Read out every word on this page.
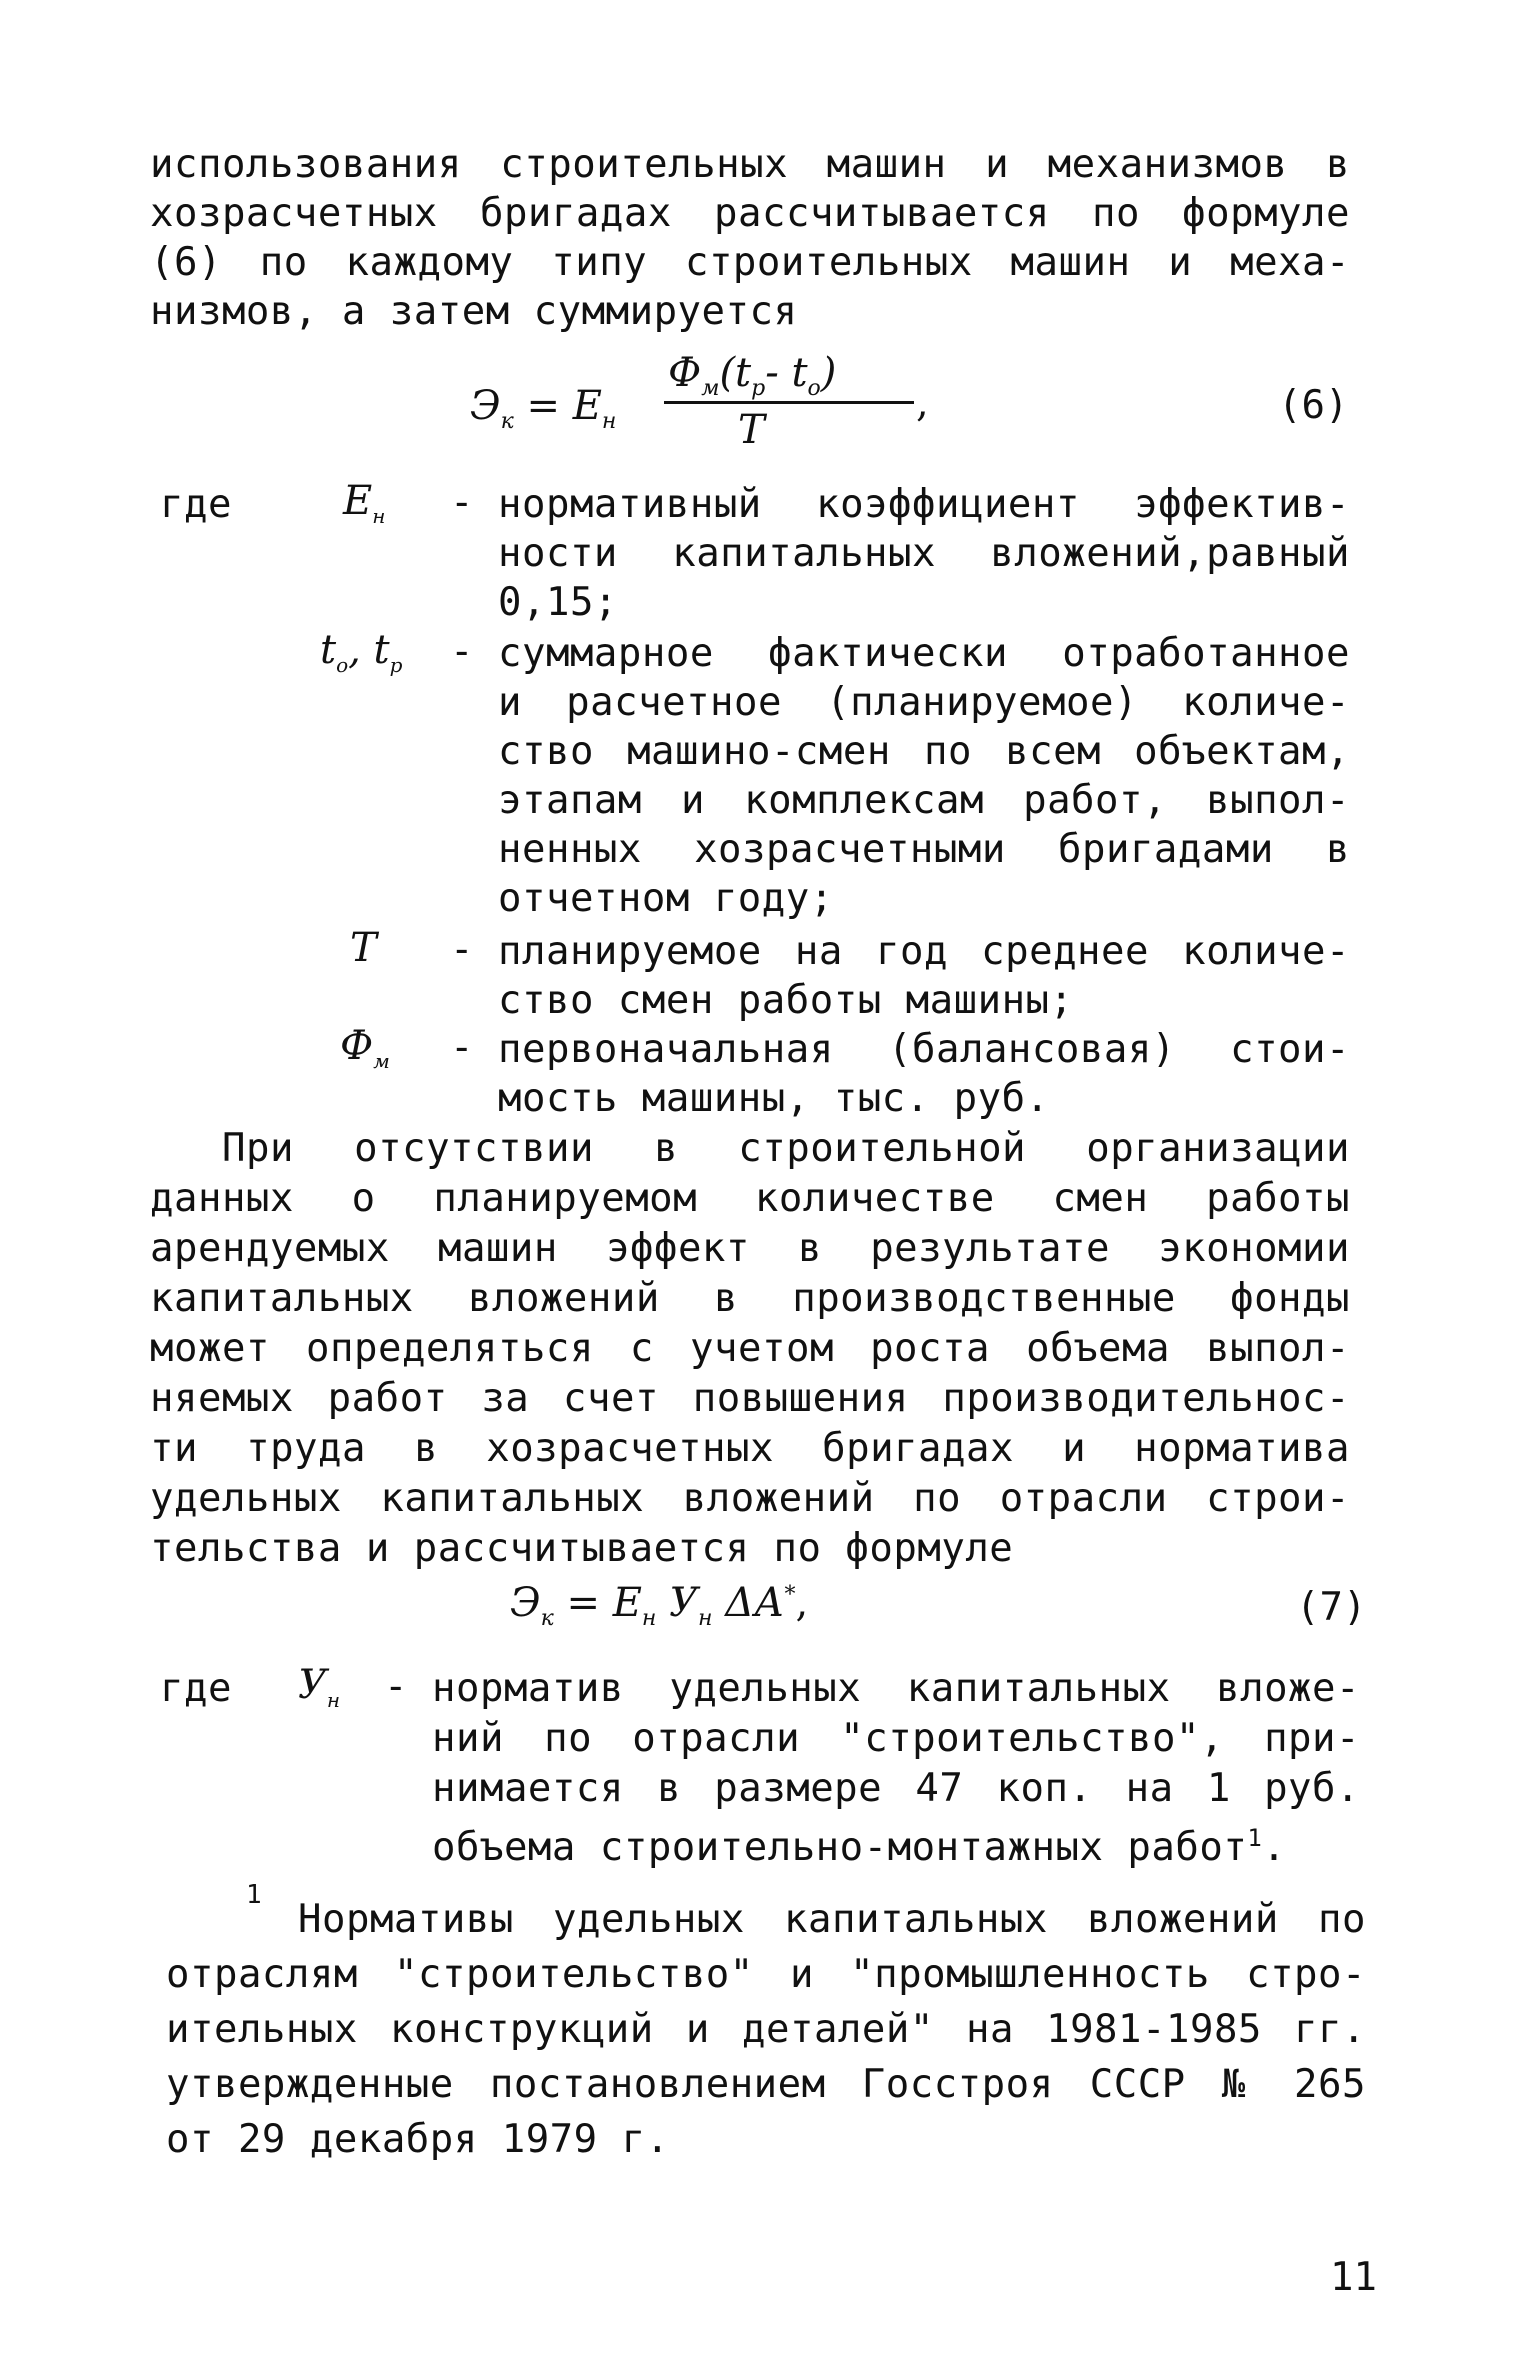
использования строительных машин и механизмов в
хозрасчетных бригадах рассчитывается по формуле
(6) по каждому типу строительных машин и меха-
низмов, а затем суммируется
$Э_к = Е_н$
$Ф_м(t_р-$ $t_о$)
T
,	(6)
где	$Е_н$ - нормативный коэффициент эффектив-
ности капитальных вложений,равный
0,15;
$t_о$, $t_р$ - суммарное фактически отработанное
и расчетное (планируемое) количе-
ство машино-смен по всем объектам,
этапам и комплексам работ, выпол-
ненных хозрасчетными бригадами в
отчетном году;
T - планируемое на год среднее количе-
ство смен работы машины;
$Ф_м$ - первоначальная (балансовая) стои-
мость машины, тыс. руб.
При отсутствии в строительной организации
данных о планируемом количестве смен работы
арендуемых машин эффект в результате экономии
капитальных вложений в производственные фонды
может определяться с учетом роста объема выпол-
няемых работ за счет повышения производительнос-
ти труда в хозрасчетных бригадах и норматива
удельных капитальных вложений по отрасли строи-
тельства и рассчитывается по формуле
$Э_к = Е_н$ $У_н$ ΔА*,	(7)
где $У_н$ - норматив удельных капитальных вложе-
ний по отрасли "строительство", при-
нимается в размере 47 коп. на 1 руб.
объема строительно-монтажных работ$^1$.
1
Нормативы удельных капитальных вложений по
отраслям "строительство" и "промышленность стро-
ительных конструкций и деталей" на 1981-1985 гг.
утвержденные постановлением Госстроя СССР № 265
от 29 декабря 1979 г.
11
